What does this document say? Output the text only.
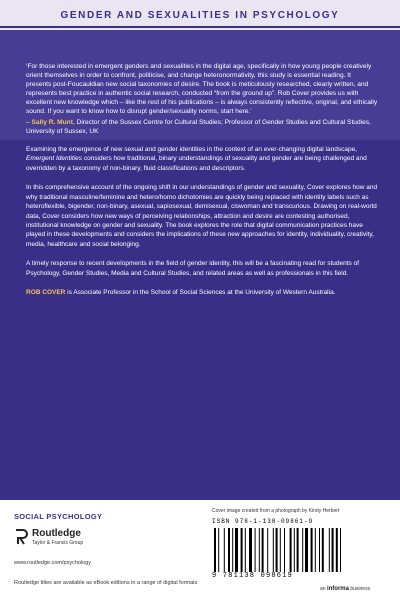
GENDER AND SEXUALITIES IN PSYCHOLOGY
‘For those interested in emergent genders and sexualities in the digital age, specifically in how young people creatively orient themselves in order to confront, politicise, and change heteronormativity, this study is essential reading. It presents post-Foucauldian new social taxonomies of desire. The book is meticulously researched, clearly written, and represents best practice in authentic social research, conducted “from the ground up”. Rob Cover provides us with excellent new knowledge which – like the rest of his publications – is always consistently reflective, original, and ethically sound. If you want to know how to disrupt gender/sexuality norms, start here.’
– Sally R. Munt, Director of the Sussex Centre for Cultural Studies; Professor of Gender Studies and Cultural Studies, University of Sussex, UK

Examining the emergence of new sexual and gender identities in the context of an ever-changing digital landscape, Emergent Identities considers how traditional, binary understandings of sexuality and gender are being challenged and overridden by a taxonomy of non-binary, fluid classifications and descriptors.

In this comprehensive account of the ongoing shift in our understandings of gender and sexuality, Cover explores how and why traditional masculine/feminine and hetero/homo dichotomies are quickly being replaced with identity labels such as heteroflexible, bigender, non-binary, asexual, sapiosexual, demisexual, ciswoman and transcurious. Drawing on real-world data, Cover considers how new ways of perceiving relationships, attraction and desire are contesting authorised, institutional knowledge on gender and sexuality. The book explores the role that digital communication practices have played in these developments and considers the implications of these new approaches for identity, individuality, creativity, media, healthcare and social belonging.

A timely response to recent developments in the field of gender identity, this will be a fascinating read for students of Psychology, Gender Studies, Media and Cultural Studies, and related areas as well as professionals in this field.

ROB COVER is Associate Professor in the School of Social Sciences at the University of Western Australia.

SOCIAL PSYCHOLOGY
Routledge
Taylor & Francis Group
www.routledge.com/psychology
Routledge titles are available as eBook editions in a range of digital formats
Cover image created from a photograph by Kirsty Herbert
ISBN 978-1-138-09861-9
9 781138 098619
an informa business
